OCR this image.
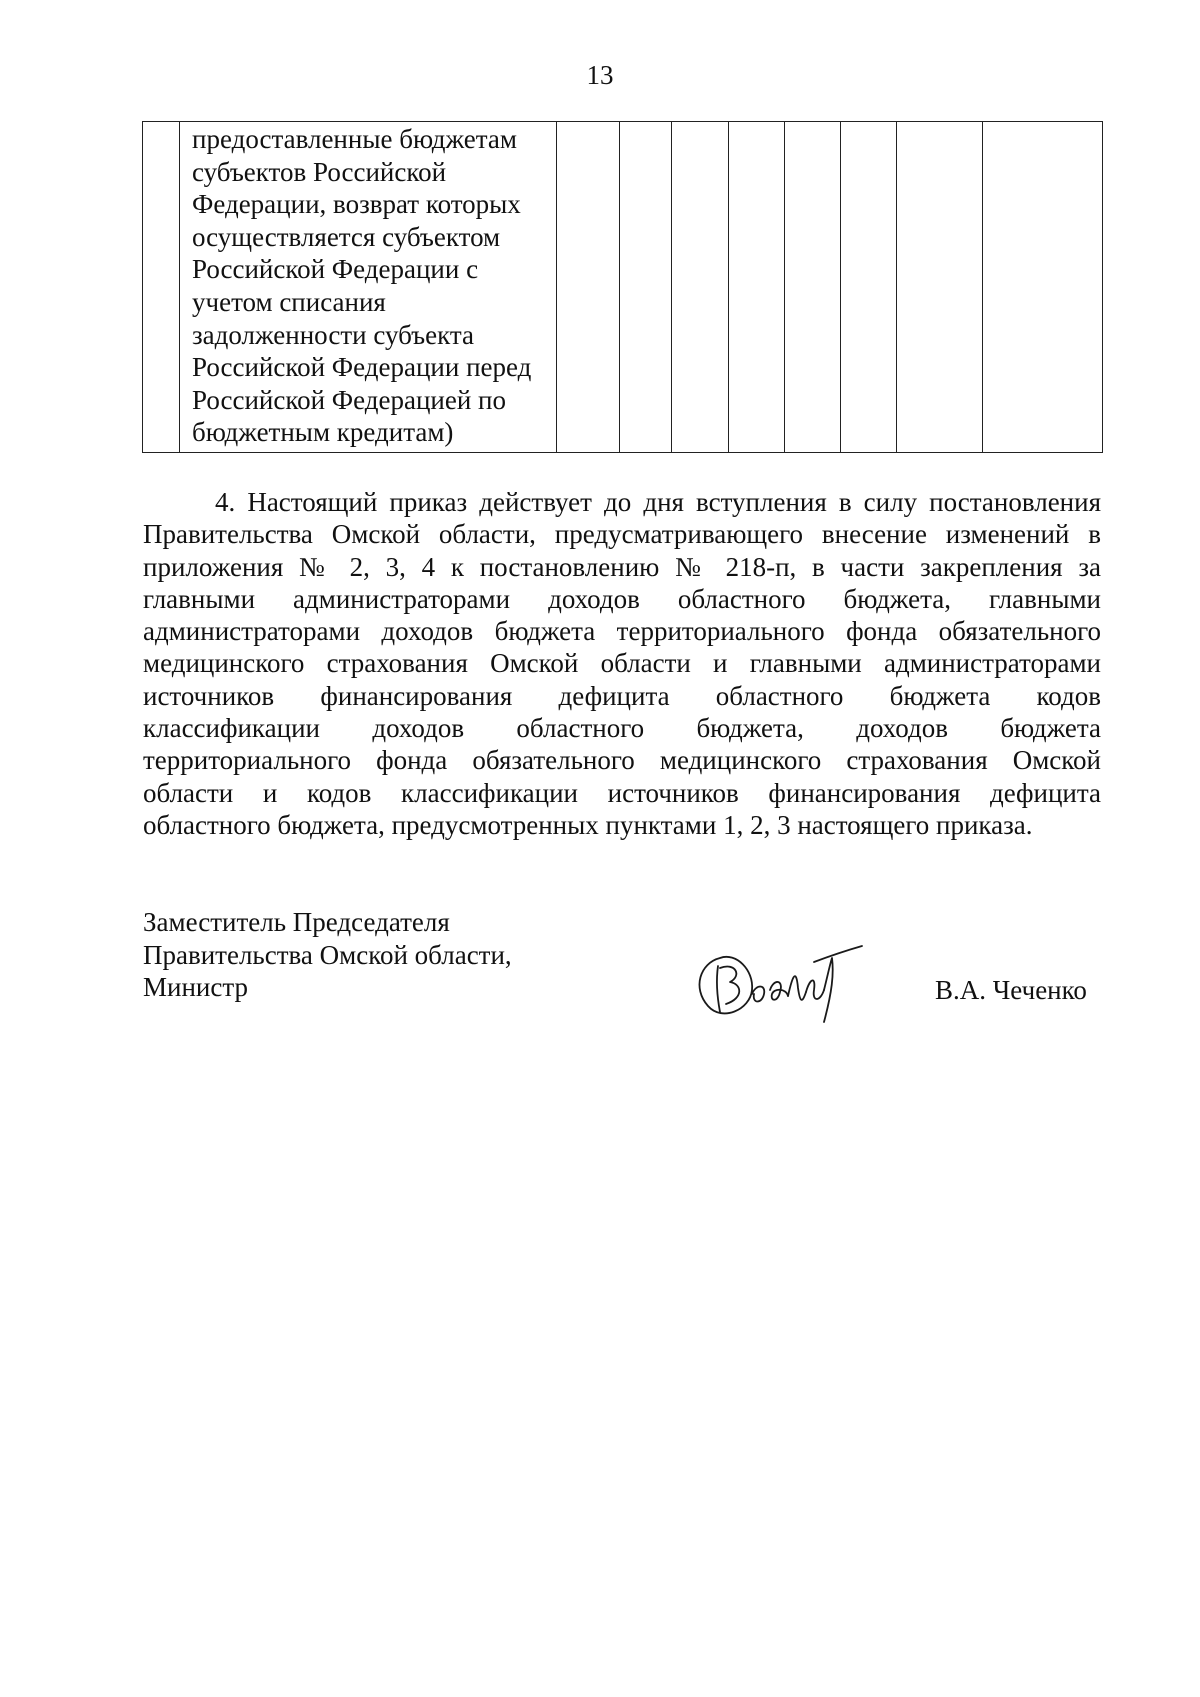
13

предоставленные бюджетам
субъектов Российской
Федерации, возврат которых
осуществляется субъектом
Российской Федерации с
учетом списания
задолженности субъекта
Российской Федерации перед
Российской Федерацией по
бюджетным кредитам)

4. Настоящий приказ действует до дня вступления в силу постановления
Правительства Омской области, предусматривающего внесение изменений в
приложения № 2, 3, 4 к постановлению № 218-п, в части закрепления за
главными администраторами доходов областного бюджета, главными
администраторами доходов бюджета территориального фонда обязательного
медицинского страхования Омской области и главными администраторами
источников финансирования дефицита областного бюджета кодов
классификации доходов областного бюджета, доходов бюджета
территориального фонда обязательного медицинского страхования Омской
области и кодов классификации источников финансирования дефицита
областного бюджета, предусмотренных пунктами 1, 2, 3 настоящего приказа.
Заместитель Председателя
Правительства Омской области,
Министр	В.А. Чеченко
